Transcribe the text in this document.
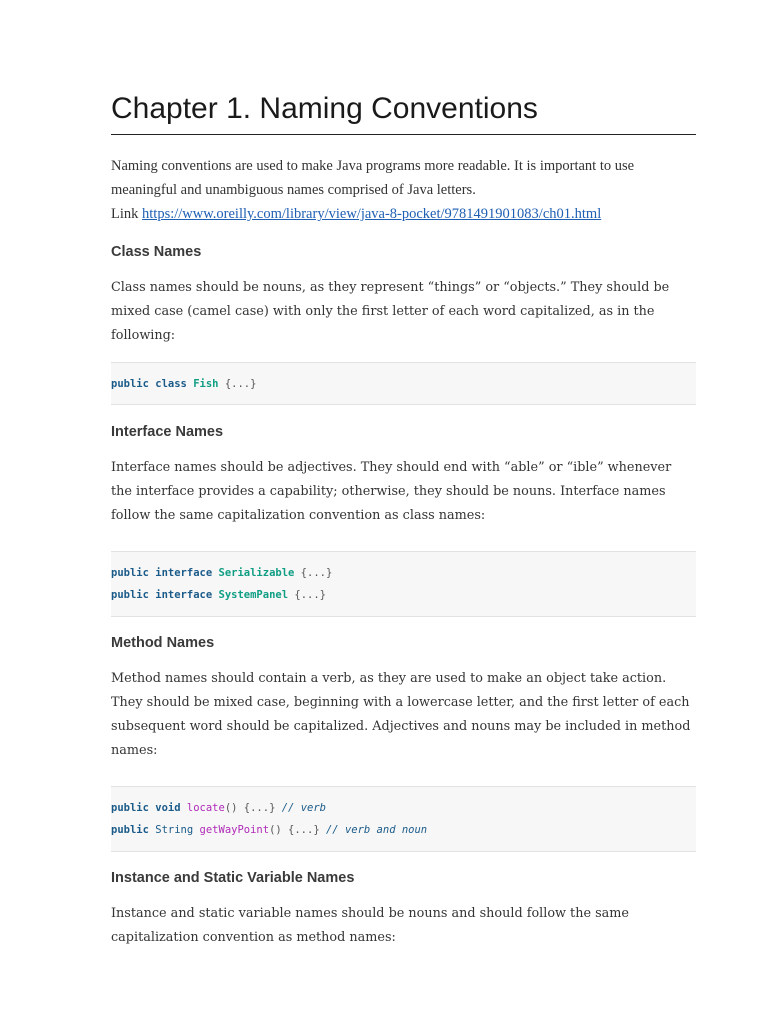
Chapter 1. Naming Conventions

Naming conventions are used to make Java programs more readable. It is important to use

meaningful and unambiguous names comprised of Java letters.

Link https://www.oreilly.com/library/view/java-8-pocket/9781491901083/ch01.html

Class Names

Class names should be nouns, as they represent “things” or “objects.” They should be mixed case (camel case) with only the first letter of each word capitalized, as in the following:

public class Fish {...}
Interface Names

Interface names should be adjectives. They should end with “able” or “ible” whenever the interface provides a capability; otherwise, they should be nouns. Interface names follow the same capitalization convention as class names:

public interface Serializable {...}
public interface SystemPanel {...}
Method Names

Method names should contain a verb, as they are used to make an object take action. They should be mixed case, beginning with a lowercase letter, and the first letter of each subsequent word should be capitalized. Adjectives and nouns may be included in method names:

public void locate() {...} // verb
public String getWayPoint() {...} // verb and noun
Instance and Static Variable Names

Instance and static variable names should be nouns and should follow the same capitalization convention as method names:
